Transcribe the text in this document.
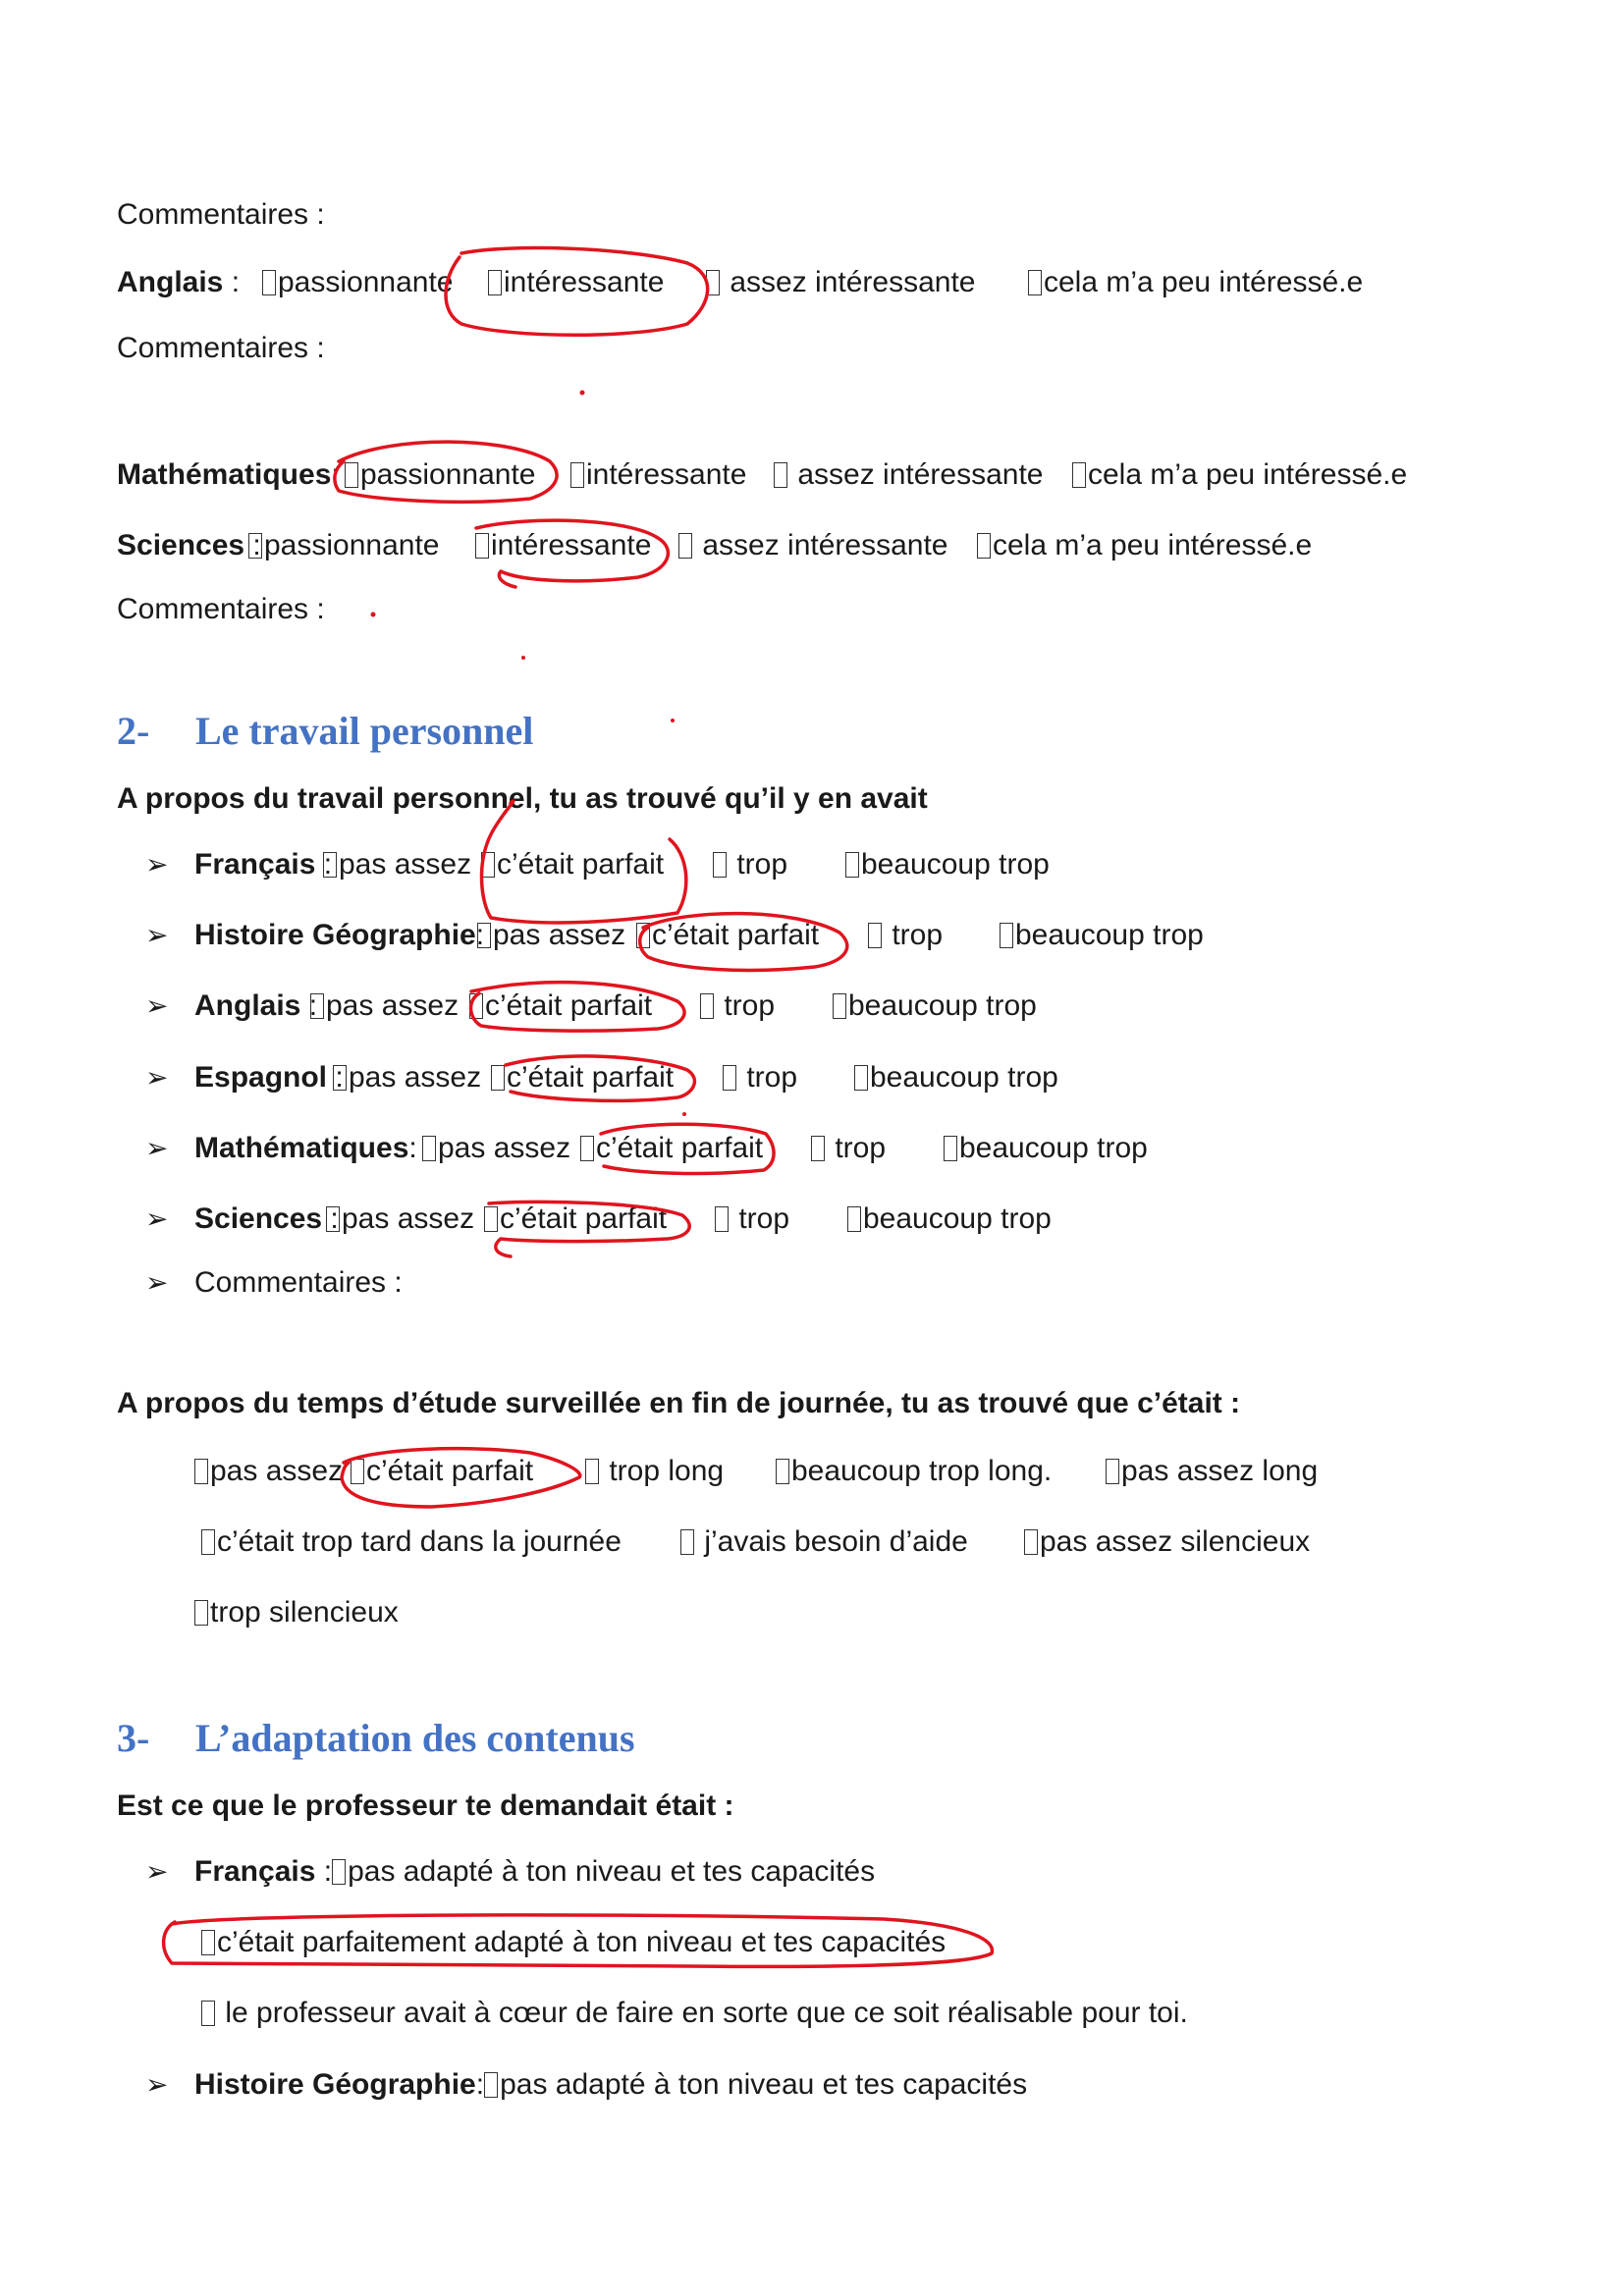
Commentaires :
Anglais :	passionnante	intéressante	assez intéressante	cela m’a peu intéressé.e
Commentaires :
Mathématiques: passionnante	intéressante	assez intéressante	cela m’a peu intéressé.e
Sciences : passionnante	intéressante	assez intéressante	cela m’a peu intéressé.e
Commentaires :
2- Le travail personnel
A propos du travail personnel, tu as trouvé qu’il y en avait
➢ Français : pas assez c’était parfait	trop	beaucoup trop
➢ Histoire Géographie: pas assez c’était parfait	trop	beaucoup trop
➢ Anglais : pas assez c’était parfait	trop	beaucoup trop
➢ Espagnol : pas assez c’était parfait	trop	beaucoup trop
➢ Mathématiques: pas assez c’était parfait	trop	beaucoup trop
➢ Sciences : pas assez c’était parfait	trop	beaucoup trop
➢ Commentaires :
A propos du temps d’étude surveillée en fin de journée, tu as trouvé que c’était :
pas assez c’était parfait	trop long	beaucoup trop long.	pas assez long
c’était trop tard dans la journée	j’avais besoin d’aide	pas assez silencieux
trop silencieux
3- L’adaptation des contenus
Est ce que le professeur te demandait était :
➢ Français : pas adapté à ton niveau et tes capacités
c’était parfaitement adapté à ton niveau et tes capacités
le professeur avait à cœur de faire en sorte que ce soit réalisable pour toi.
➢ Histoire Géographie: pas adapté à ton niveau et tes capacités
